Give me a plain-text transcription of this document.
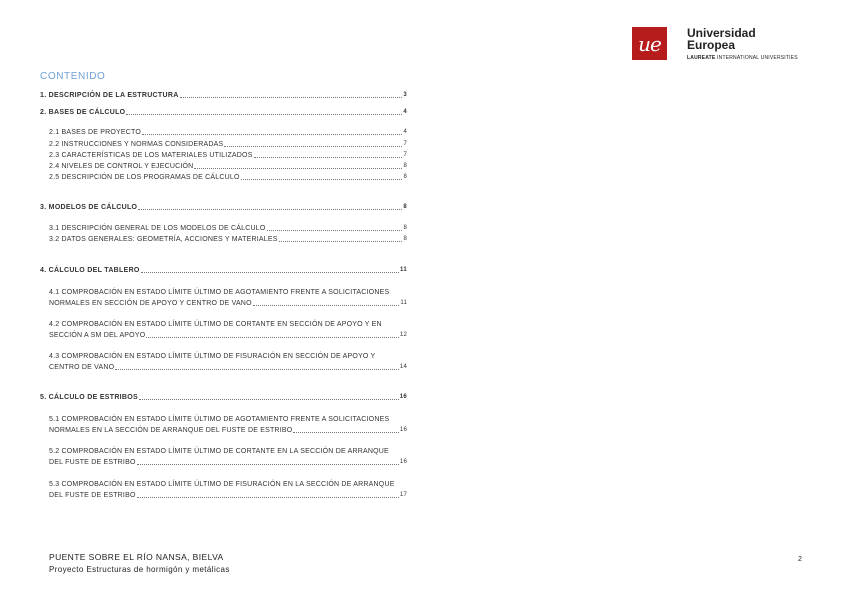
ue	Universidad
Europea
LAUREATE INTERNATIONAL UNIVERSITIES
CONTENIDO
1. DESCRIPCIÓN DE LA ESTRUCTURA	3
2. BASES DE CÁLCULO	4
2.1 BASES DE PROYECTO	4
2.2 INSTRUCCIONES Y NORMAS CONSIDERADAS	7
2.3 CARACTERÍSTICAS DE LOS MATERIALES UTILIZADOS	7
2.4 NIVELES DE CONTROL Y EJECUCIÓN	8
2.5 DESCRIPCIÓN DE LOS PROGRAMAS DE CÁLCULO	8
3. MODELOS DE CÁLCULO	8
3.1 DESCRIPCIÓN GENERAL DE LOS MODELOS DE CÁLCULO	8
3.2 DATOS GENERALES: GEOMETRÍA, ACCIONES Y MATERIALES	8
4. CÁLCULO DEL TABLERO	11
4.1 COMPROBACIÓN EN ESTADO LÍMITE ÚLTIMO DE AGOTAMIENTO FRENTE A SOLICITACIONES
NORMALES EN SECCIÓN DE APOYO Y CENTRO DE VANO	11
4.2 COMPROBACIÓN EN ESTADO LÍMITE ÚLTIMO DE CORTANTE EN SECCIÓN DE APOYO Y EN
SECCIÓN A SM DEL APOYO	12
4.3 COMPROBACIÓN EN ESTADO LÍMITE ÚLTIMO DE FISURACIÓN EN SECCIÓN DE APOYO Y
CENTRO DE VANO	14
5. CÁLCULO DE ESTRIBOS	16
5.1 COMPROBACIÓN EN ESTADO LÍMITE ÚLTIMO DE AGOTAMIENTO FRENTE A SOLICITACIONES
NORMALES EN LA SECCIÓN DE ARRANQUE DEL FUSTE DE ESTRIBO	16
5.2 COMPROBACIÓN EN ESTADO LÍMITE ÚLTIMO DE CORTANTE EN LA SECCIÓN DE ARRANQUE
DEL FUSTE DE ESTRIBO	16
5.3 COMPROBACIÓN EN ESTADO LÍMITE ÚLTIMO DE FISURACIÓN EN LA SECCIÓN DE ARRANQUE
DEL FUSTE DE ESTRIBO	17
PUENTE SOBRE EL RÍO NANSA, BIELVA
Proyecto Estructuras de hormigón y metálicas
2
